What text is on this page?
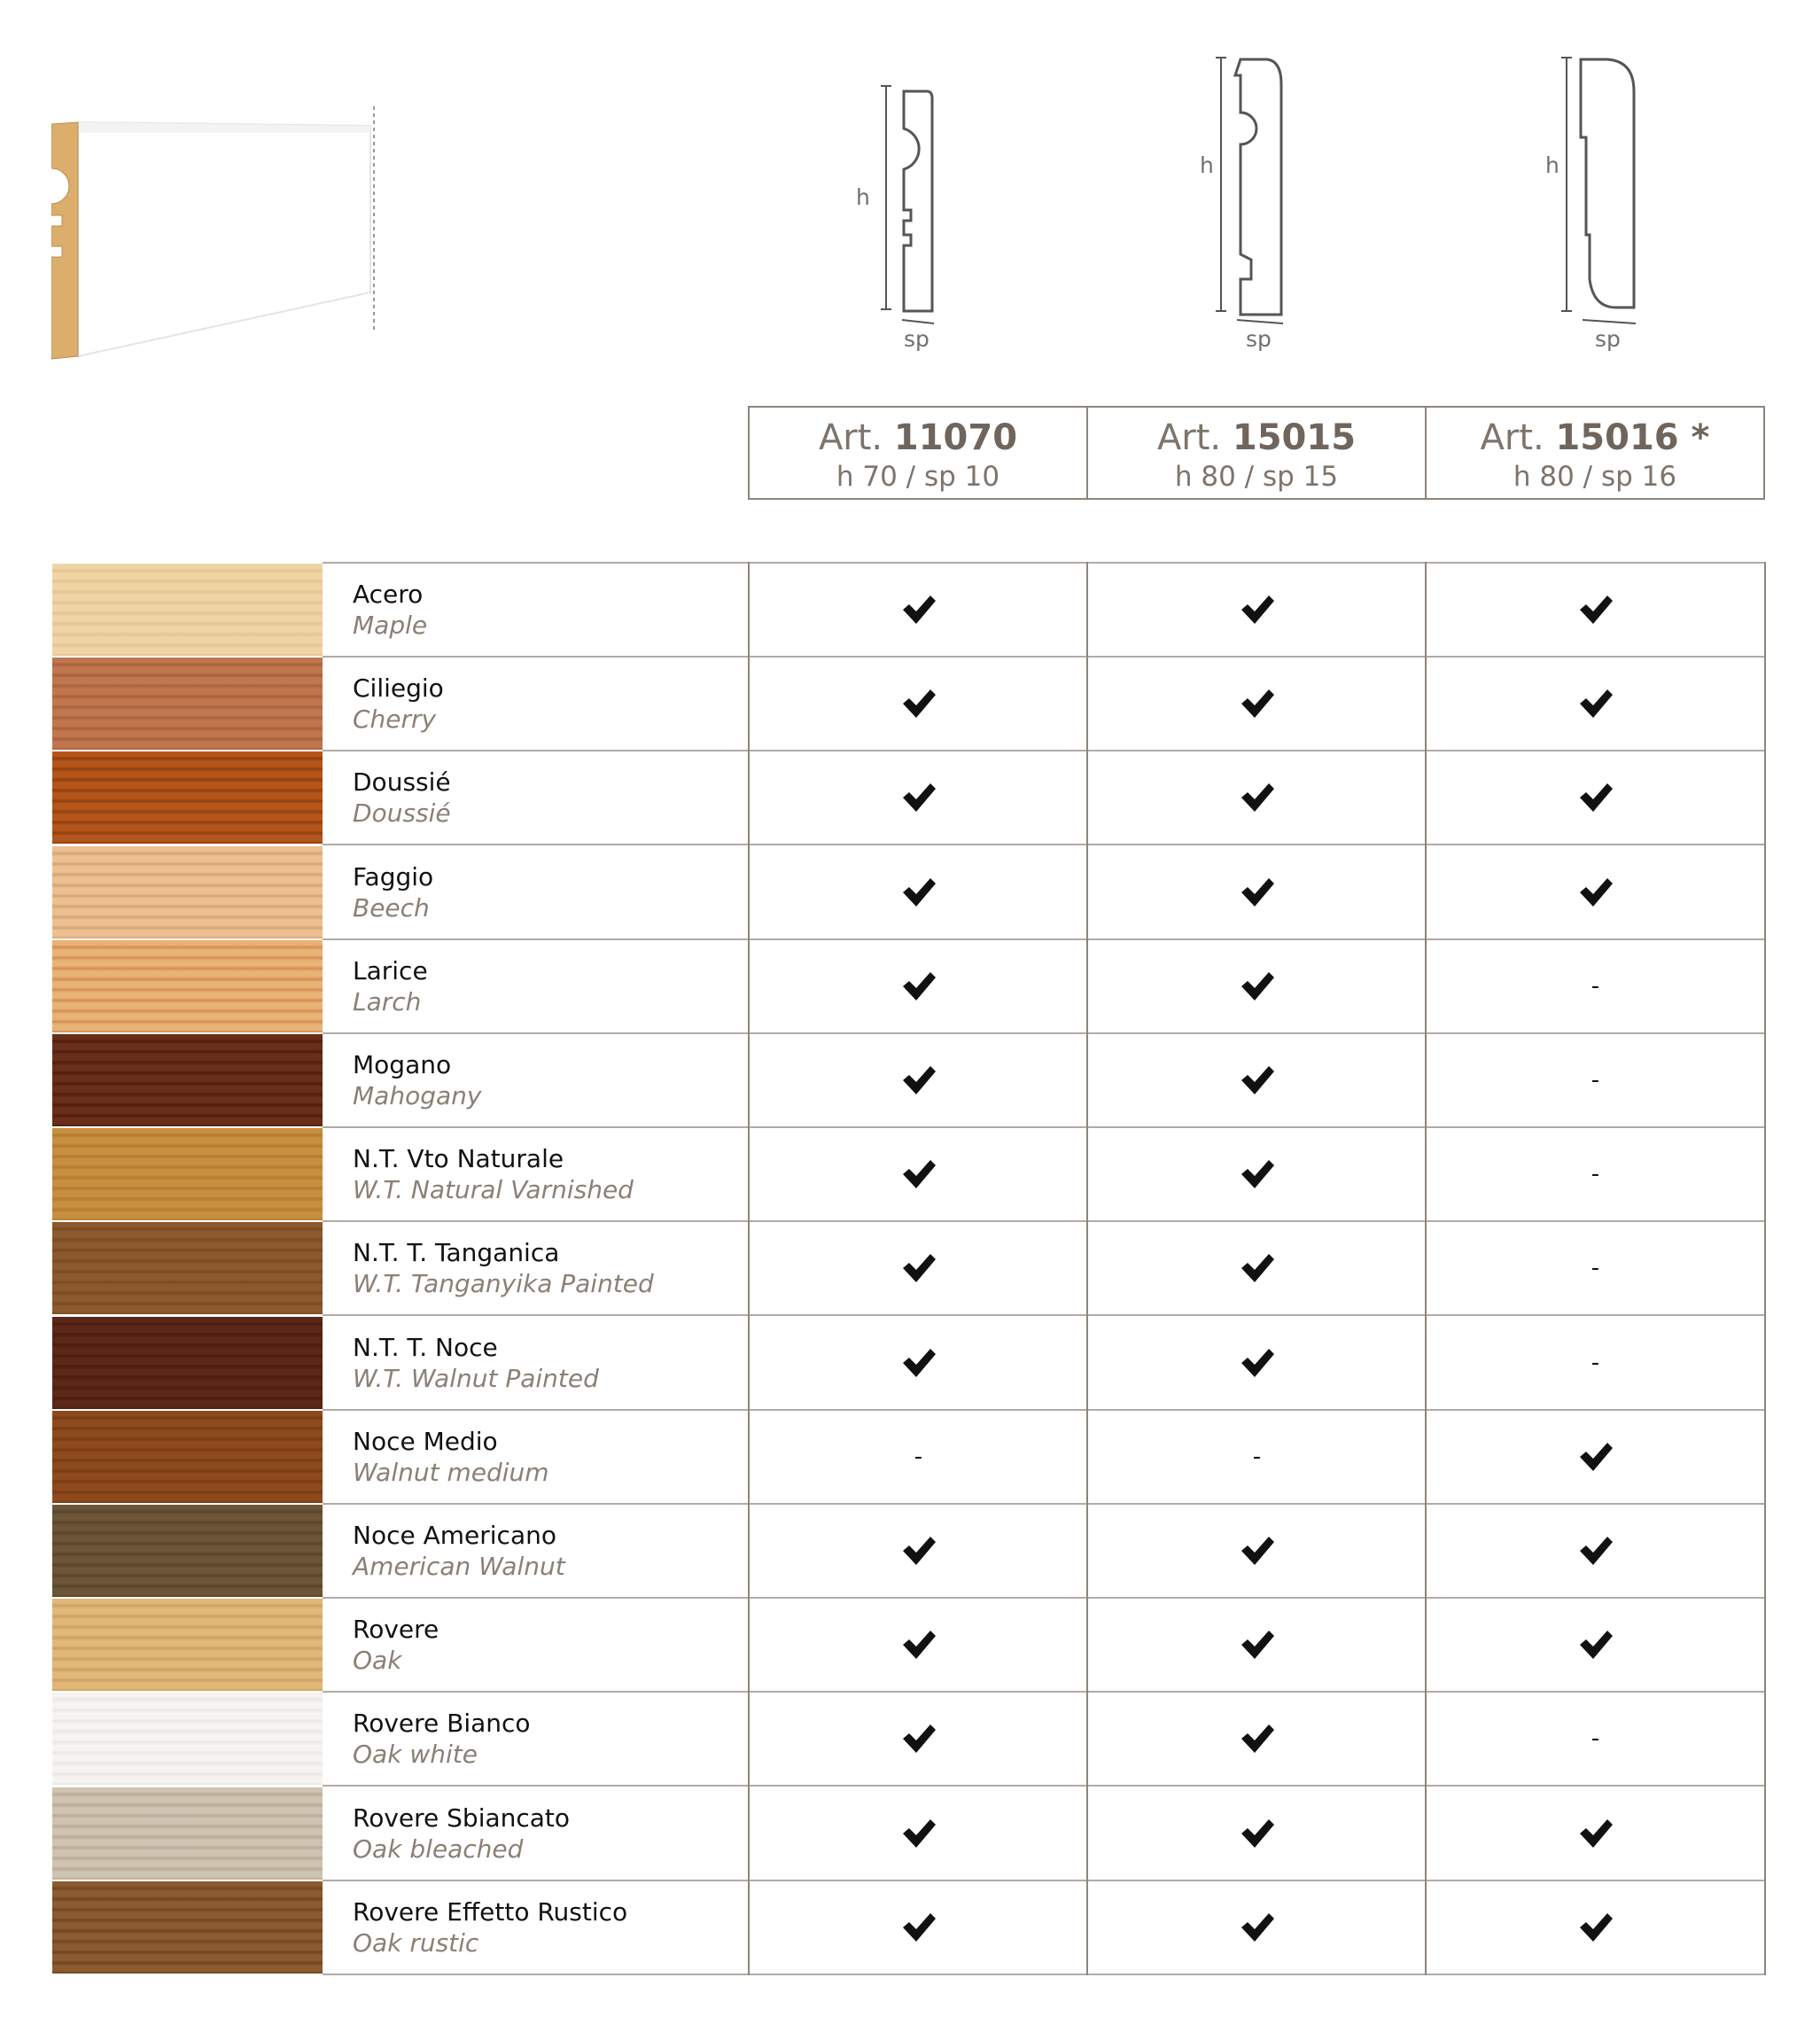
h
sp
h
sp
h
sp
Art. 11070
h 70 / sp 10
Art. 15015
h 80 / sp 15
Art. 15016 *
h 80 / sp 16
Acero
Maple
Ciliegio
Cherry
Doussié
Doussié
Faggio
Beech
Larice
Larch
-
Mogano
Mahogany
-
N.T. Vto Naturale
W.T. Natural Varnished
-
N.T. T. Tanganica
W.T. Tanganyika Painted
-
N.T. T. Noce
W.T. Walnut Painted
-
Noce Medio
Walnut medium
-	-
Noce Americano
American Walnut
Rovere
Oak
Rovere Bianco
Oak white
-
Rovere Sbiancato
Oak bleached
Rovere Effetto Rustico
Oak rustic
